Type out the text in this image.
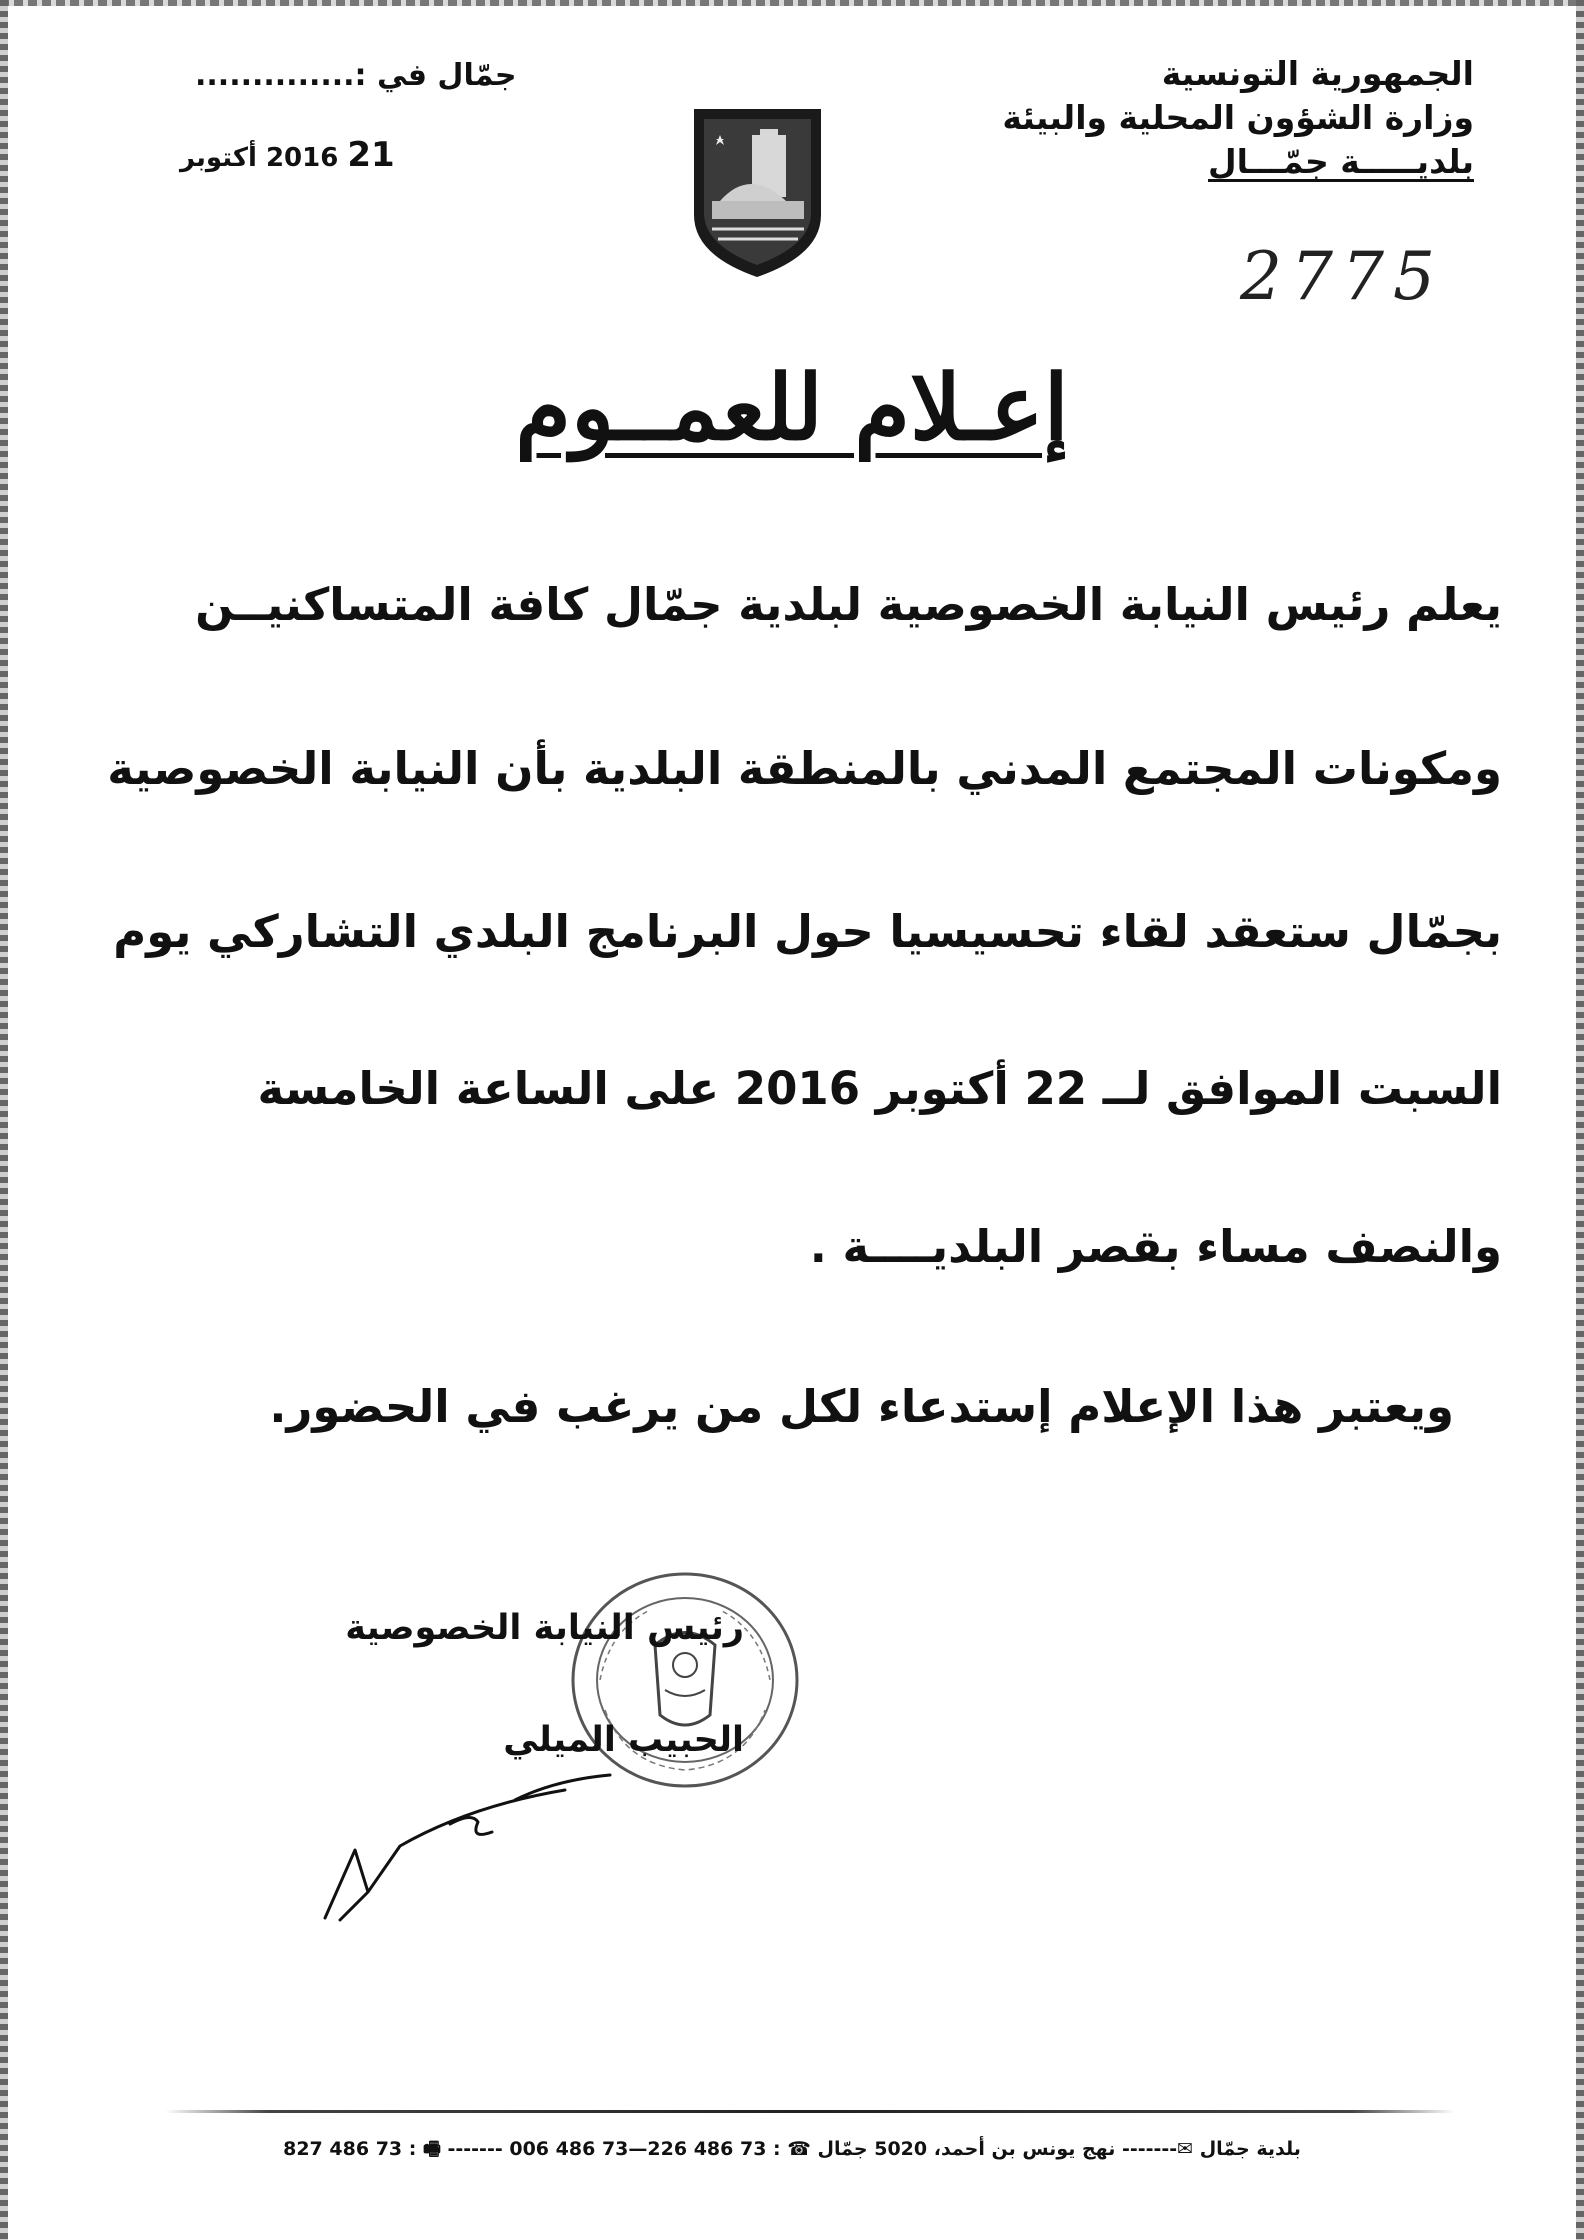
الجمهورية التونسية
وزارة الشؤون المحلية والبيئة
بلديـــــة جمّـــال
جمّال في :..............
21 2016 أكتوبر
2775
إعـلام للعمــوم
يعلم رئيس النيابة الخصوصية لبلدية جمّال كافة المتساكنيــن
ومكونات المجتمع المدني بالمنطقة البلدية بأن النيابة الخصوصية
بجمّال ستعقد لقاء تحسيسيا حول البرنامج البلدي التشاركي يوم
السبت الموافق لــ 22 أكتوبر 2016 على الساعة الخامسة
والنصف مساء بقصر البلديــــة .
ويعتبر هذا الإعلام إستدعاء لكل من يرغب في الحضور.
رئيس النيابة الخصوصية
الحبيب الميلي
بلدية جمّال ✉------- نهج يونس بن أحمد، 5020 جمّال ☎ : 73 486 226—73 486 006 ------- 🖷 : 73 486 827
